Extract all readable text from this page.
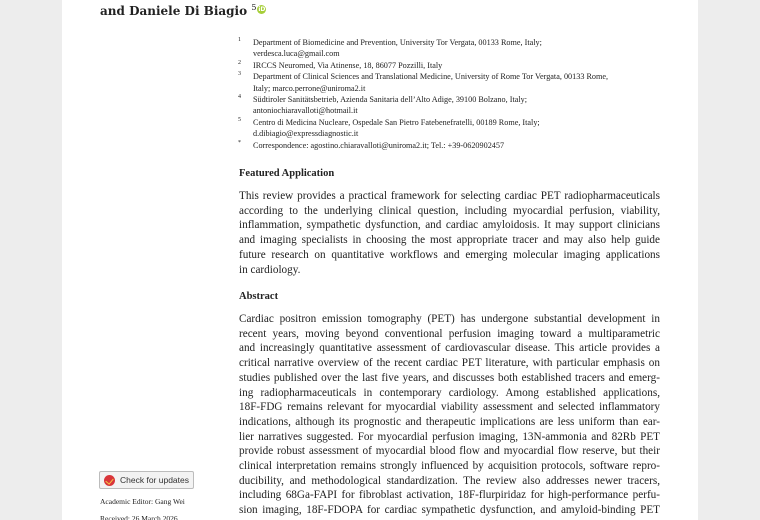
and Daniele Di Biagio $^5$ iD
1 Department of Biomedicine and Prevention, University Tor Vergata, 00133 Rome, Italy;
verdesca.luca@gmail.com
2 IRCCS Neuromed, Via Atinense, 18, 86077 Pozzilli, Italy
3 Department of Clinical Sciences and Translational Medicine, University of Rome Tor Vergata, 00133 Rome,
Italy; marco.perrone@uniroma2.it
4 Südtiroler Sanitätsbetrieb, Azienda Sanitaria dell’Alto Adige, 39100 Bolzano, Italy;
antoniochiaravalloti@hotmail.it
5 Centro di Medicina Nucleare, Ospedale San Pietro Fatebenefratelli, 00189 Rome, Italy;
d.dibiagio@expressdiagnostic.it
* Correspondence: agostino.chiaravalloti@uniroma2.it; Tel.: +39-0620902457
Featured Application
This review provides a practical framework for selecting cardiac PET radiopharmaceuticals
according to the underlying clinical question, including myocardial perfusion, viability,
inflammation, sympathetic dysfunction, and cardiac amyloidosis. It may support clinicians
and imaging specialists in choosing the most appropriate tracer and may also help guide
future research on quantitative workflows and emerging molecular imaging applications
in cardiology.
Abstract
Cardiac positron emission tomography (PET) has undergone substantial development in
recent years, moving beyond conventional perfusion imaging toward a multiparametric
and increasingly quantitative assessment of cardiovascular disease. This article provides a
critical narrative overview of the recent cardiac PET literature, with particular emphasis on
studies published over the last five years, and discusses both established tracers and emerg-
ing radiopharmaceuticals in contemporary cardiology. Among established applications,
18F-FDG remains relevant for myocardial viability assessment and selected inflammatory
indications, although its prognostic and therapeutic implications are less uniform than ear-
lier narratives suggested. For myocardial perfusion imaging, 13N-ammonia and 82Rb PET
provide robust assessment of myocardial blood flow and myocardial flow reserve, but their
clinical interpretation remains strongly influenced by acquisition protocols, software repro-
ducibility, and methodological standardization. The review also addresses newer tracers,
including 68Ga-FAPI for fibroblast activation, 18F-flurpiridaz for high-performance perfu-
sion imaging, 18F-FDOPA for cardiac sympathetic dysfunction, and amyloid-binding PET
Check for updates
Academic Editor: Gang Wei
Received: 26 March 2026
